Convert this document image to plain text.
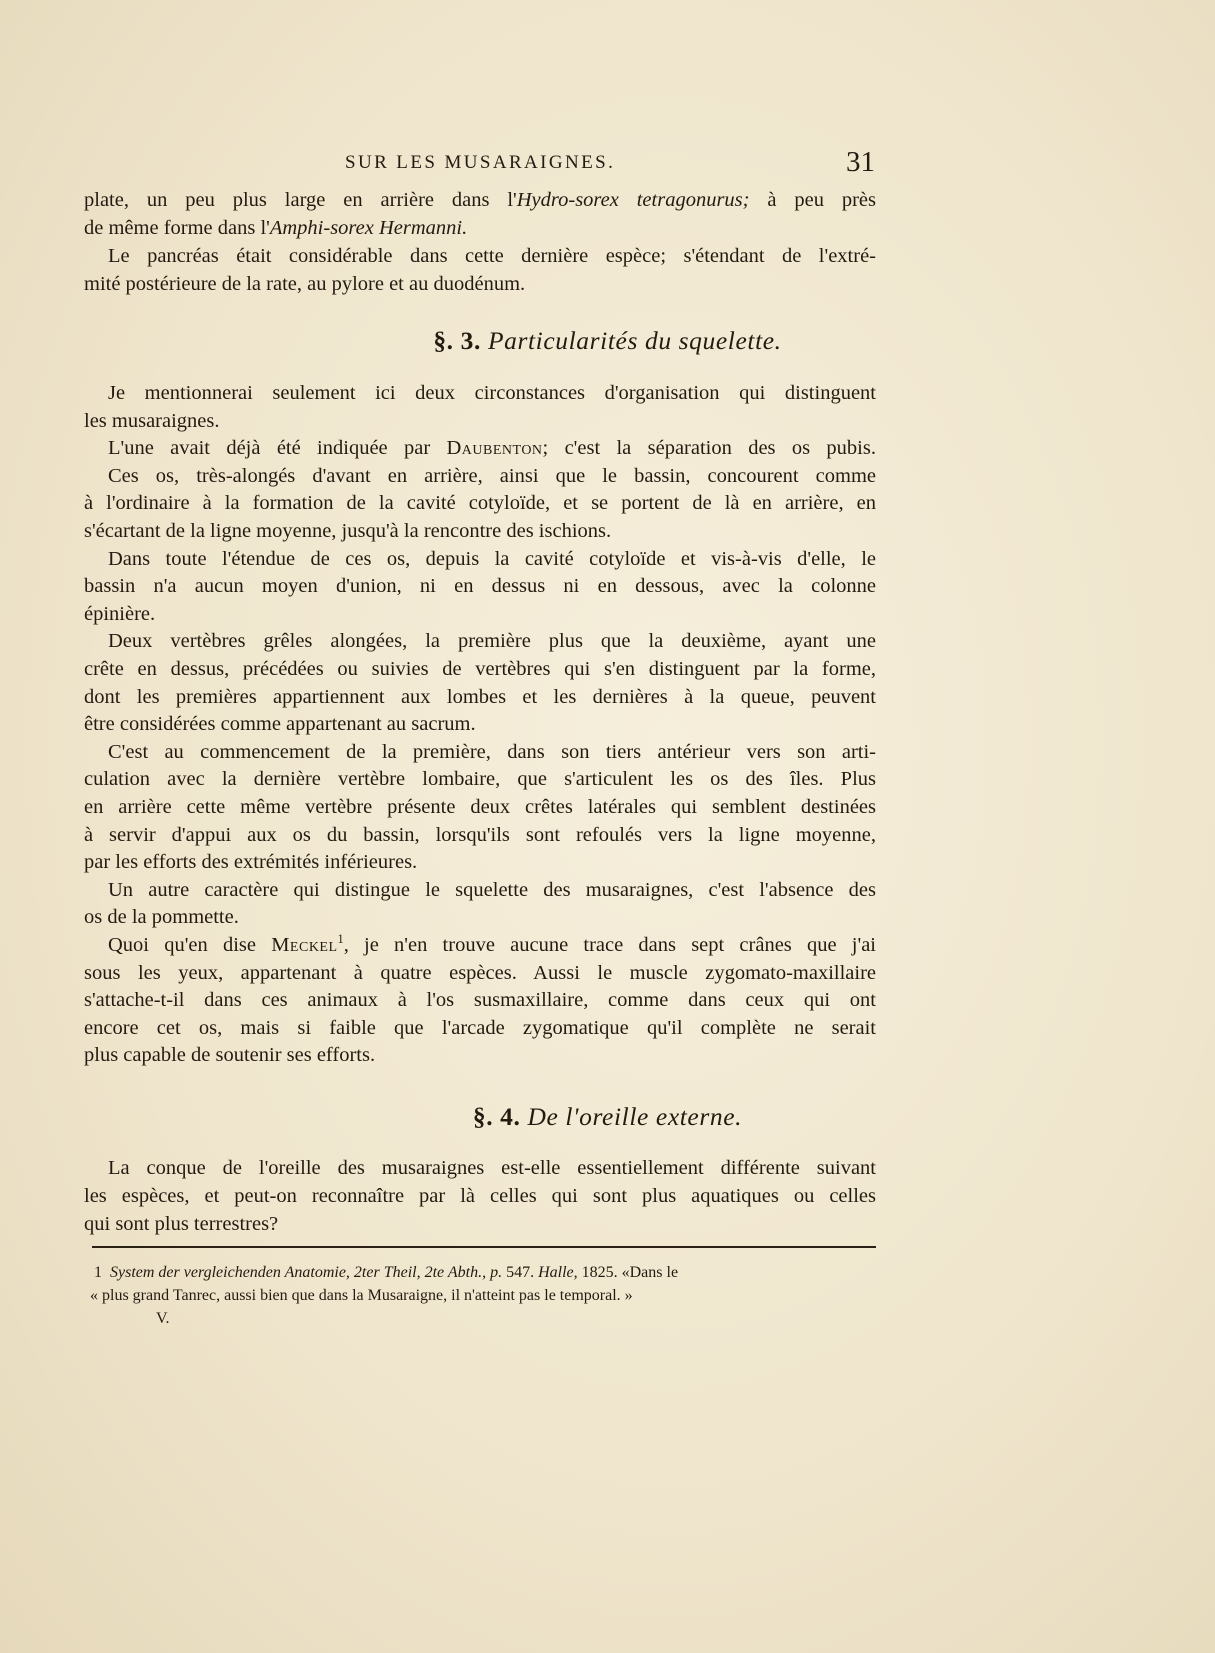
SUR LES MUSARAIGNES.	31
plate, un peu plus large en arrière dans l'Hydro-sorex tetragonurus; à peu près
de même forme dans l'Amphi-sorex Hermanni.
Le pancréas était considérable dans cette dernière espèce; s'étendant de l'extré-
mité postérieure de la rate, au pylore et au duodénum.
§. 3. Particularités du squelette.
Je mentionnerai seulement ici deux circonstances d'organisation qui distinguent
les musaraignes.
L'une avait déjà été indiquée par Daubenton; c'est la séparation des os pubis.
Ces os, très-alongés d'avant en arrière, ainsi que le bassin, concourent comme
à l'ordinaire à la formation de la cavité cotyloïde, et se portent de là en arrière, en
s'écartant de la ligne moyenne, jusqu'à la rencontre des ischions.
Dans toute l'étendue de ces os, depuis la cavité cotyloïde et vis-à-vis d'elle, le
bassin n'a aucun moyen d'union, ni en dessus ni en dessous, avec la colonne
épinière.
Deux vertèbres grêles alongées, la première plus que la deuxième, ayant une
crête en dessus, précédées ou suivies de vertèbres qui s'en distinguent par la forme,
dont les premières appartiennent aux lombes et les dernières à la queue, peuvent
être considérées comme appartenant au sacrum.
C'est au commencement de la première, dans son tiers antérieur vers son arti-
culation avec la dernière vertèbre lombaire, que s'articulent les os des îles. Plus
en arrière cette même vertèbre présente deux crêtes latérales qui semblent destinées
à servir d'appui aux os du bassin, lorsqu'ils sont refoulés vers la ligne moyenne,
par les efforts des extrémités inférieures.
Un autre caractère qui distingue le squelette des musaraignes, c'est l'absence des
os de la pommette.
Quoi qu'en dise Meckel$^1$, je n'en trouve aucune trace dans sept crânes que j'ai
sous les yeux, appartenant à quatre espèces. Aussi le muscle zygomato-maxillaire
s'attache-t-il dans ces animaux à l'os susmaxillaire, comme dans ceux qui ont
encore cet os, mais si faible que l'arcade zygomatique qu'il complète ne serait
plus capable de soutenir ses efforts.
§. 4. De l'oreille externe.
La conque de l'oreille des musaraignes est-elle essentiellement différente suivant
les espèces, et peut-on reconnaître par là celles qui sont plus aquatiques ou celles
qui sont plus terrestres?
1 System der vergleichenden Anatomie, 2ter Theil, 2te Abth., p. 547. Halle, 1825. «Dans le
« plus grand Tanrec, aussi bien que dans la Musaraigne, il n'atteint pas le temporal. »
V.
